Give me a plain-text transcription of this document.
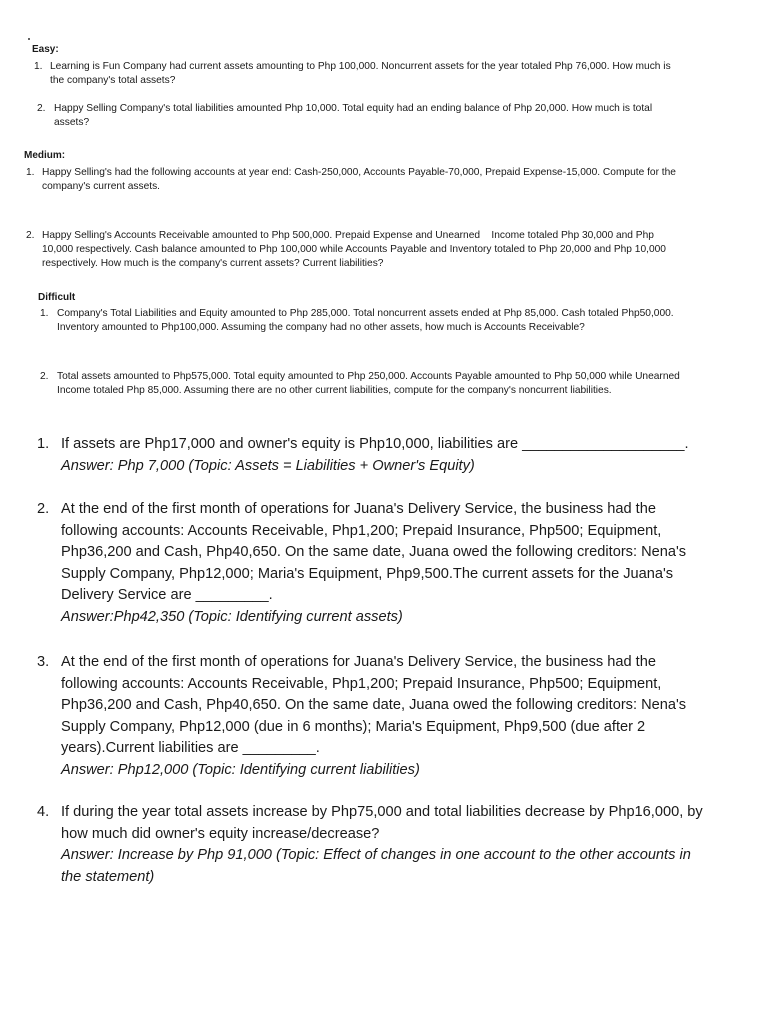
Easy:
1. Learning is Fun Company had current assets amounting to Php 100,000. Noncurrent assets for the year totaled Php 76,000. How much is
the company's total assets?
2. Happy Selling Company's total liabilities amounted Php 10,000. Total equity had an ending balance of Php 20,000. How much is total
assets?
Medium:
1. Happy Selling's had the following accounts at year end: Cash-250,000, Accounts Payable-70,000, Prepaid Expense-15,000. Compute for the
company's current assets.
2. Happy Selling's Accounts Receivable amounted to Php 500,000. Prepaid Expense and Unearned    Income totaled Php 30,000 and Php
10,000 respectively. Cash balance amounted to Php 100,000 while Accounts Payable and Inventory totaled to Php 20,000 and Php 10,000
respectively. How much is the company's current assets? Current liabilities?
Difficult
1. Company's Total Liabilities and Equity amounted to Php 285,000. Total noncurrent assets ended at Php 85,000. Cash totaled Php50,000.
Inventory amounted to Php100,000. Assuming the company had no other assets, how much is Accounts Receivable?
2. Total assets amounted to Php575,000. Total equity amounted to Php 250,000. Accounts Payable amounted to Php 50,000 while Unearned
Income totaled Php 85,000. Assuming there are no other current liabilities, compute for the company's noncurrent liabilities.
1. If assets are Php17,000 and owner's equity is Php10,000, liabilities are ____________________.
Answer: Php 7,000 (Topic: Assets = Liabilities + Owner's Equity)
2. At the end of the first month of operations for Juana's Delivery Service, the business had the
following accounts: Accounts Receivable, Php1,200; Prepaid Insurance, Php500; Equipment,
Php36,200 and Cash, Php40,650. On the same date, Juana owed the following creditors: Nena's
Supply Company, Php12,000; Maria's Equipment, Php9,500.The current assets for the Juana's
Delivery Service are _________.
Answer:Php42,350 (Topic: Identifying current assets)
3. At the end of the first month of operations for Juana's Delivery Service, the business had the
following accounts: Accounts Receivable, Php1,200; Prepaid Insurance, Php500; Equipment,
Php36,200 and Cash, Php40,650. On the same date, Juana owed the following creditors: Nena's
Supply Company, Php12,000 (due in 6 months); Maria's Equipment, Php9,500 (due after 2
years).Current liabilities are _________.
Answer: Php12,000 (Topic: Identifying current liabilities)
4. If during the year total assets increase by Php75,000 and total liabilities decrease by Php16,000, by
how much did owner's equity increase/decrease?
Answer: Increase by Php 91,000 (Topic: Effect of changes in one account to the other accounts in
the statement)
